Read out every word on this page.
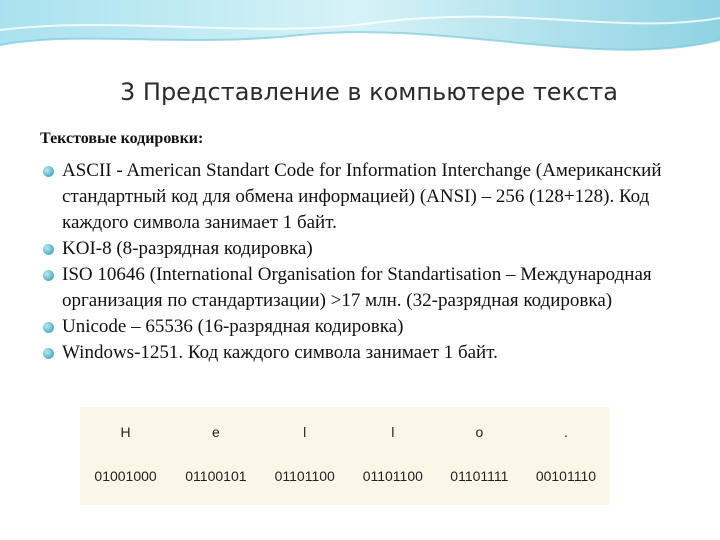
3 Представление в компьютере текста
Текстовые кодировки:
ASCII - American Standart Code for Information Interchange (Американский стандартный код для обмена информацией) (ANSI) – 256 (128+128). Код каждого символа занимает 1 байт.
KOI-8 (8-разрядная кодировка)
ISO 10646 (International Organisation for Standartisation – Международная организация по стандартизации) >17 млн. (32-разрядная кодировка)
Unicode – 65536 (16-разрядная кодировка)
Windows-1251. Код каждого символа занимает 1 байт.
H	e	l	l	o	.
01001000	01100101	01101100	01101100	01101111	00101110
